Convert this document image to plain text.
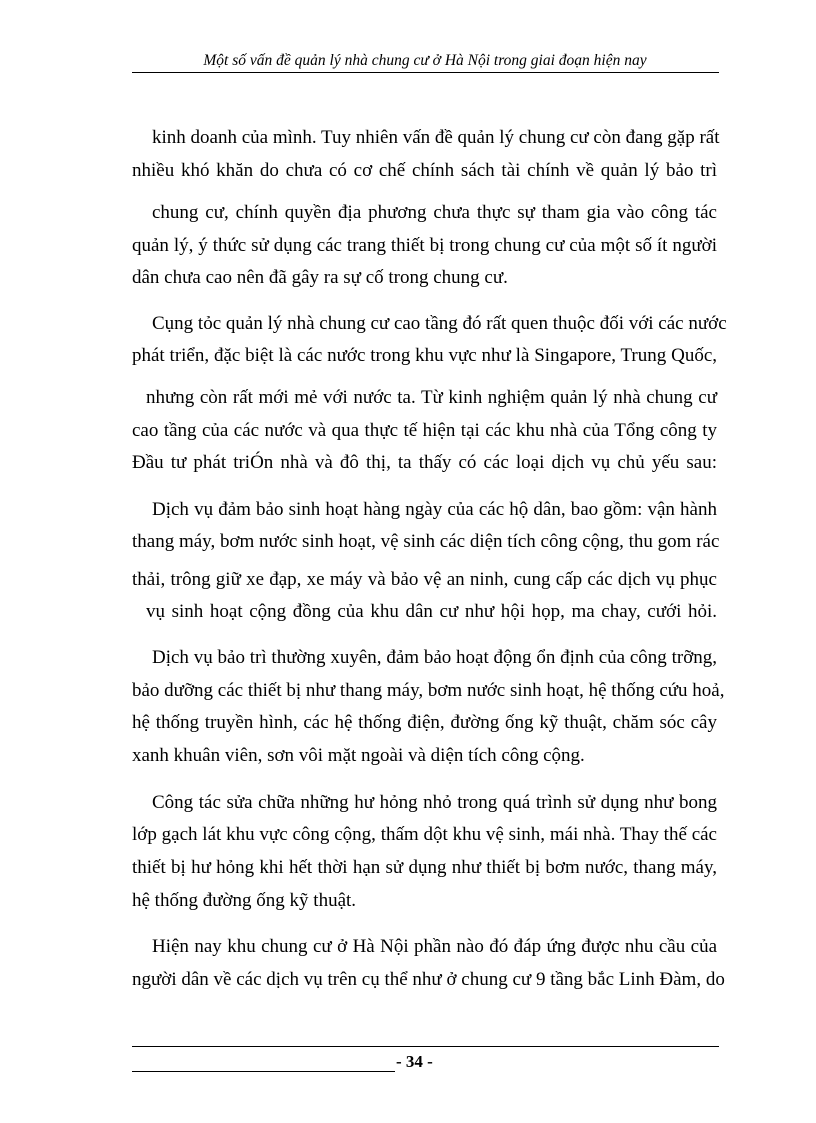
Một số vấn đề quản lý nhà chung cư ở Hà Nội trong giai đoạn hiện nay
kinh doanh của mình. Tuy nhiên vấn đề quản lý chung cư còn đang gặp rất
nhiều khó khăn do chưa có cơ chế chính sách tài chính về quản lý bảo trì
chung cư, chính quyền địa phương chưa thực sự tham gia vào công tác
quản lý, ý thức sử dụng các trang thiết bị trong chung cư của một số ít người
dân chưa cao nên đã gây ra sự cố trong chung cư.
Cụng tỏc quản lý nhà chung cư cao tầng đó rất quen thuộc đối với các nước
phát triển, đặc biệt là các nước trong khu vực như là Singapore, Trung Quốc,
nhưng còn rất mới mẻ với nước ta. Từ kinh nghiệm quản lý nhà chung cư
cao tầng của các nước và qua thực tế hiện tại các khu nhà của Tổng công ty
Đầu tư phát triÓn nhà và đô thị, ta thấy có các loại dịch vụ chủ yếu sau:
Dịch vụ đảm bảo sinh hoạt hàng ngày của các hộ dân, bao gồm: vận hành
thang máy, bơm nước sinh hoạt, vệ sinh các diện tích công cộng, thu gom rác
thải, trông giữ xe đạp, xe máy và bảo vệ an ninh, cung cấp các dịch vụ phục
vụ sinh hoạt cộng đồng của khu dân cư như hội họp, ma chay, cưới hỏi.
Dịch vụ bảo trì thường xuyên, đảm bảo hoạt động ổn định của công trỡng,
bảo dưỡng các thiết bị như thang máy, bơm nước sinh hoạt, hệ thống cứu hoả,
hệ thống truyền hình, các hệ thống điện, đường ống kỹ thuật, chăm sóc cây
xanh khuân viên, sơn vôi mặt ngoài và diện tích công cộng.
Công tác sửa chữa những hư hỏng nhỏ trong quá trình sử dụng như bong
lớp gạch lát khu vực công cộng, thấm dột khu vệ sinh, mái nhà. Thay thế các
thiết bị hư hỏng khi hết thời hạn sử dụng như thiết bị bơm nước, thang máy,
hệ thống đường ống kỹ thuật.
Hiện nay khu chung cư ở Hà Nội phần nào đó đáp ứng được nhu cầu của
người dân về các dịch vụ trên cụ thể như ở chung cư 9 tầng bắc Linh Đàm, do
- 34 -
